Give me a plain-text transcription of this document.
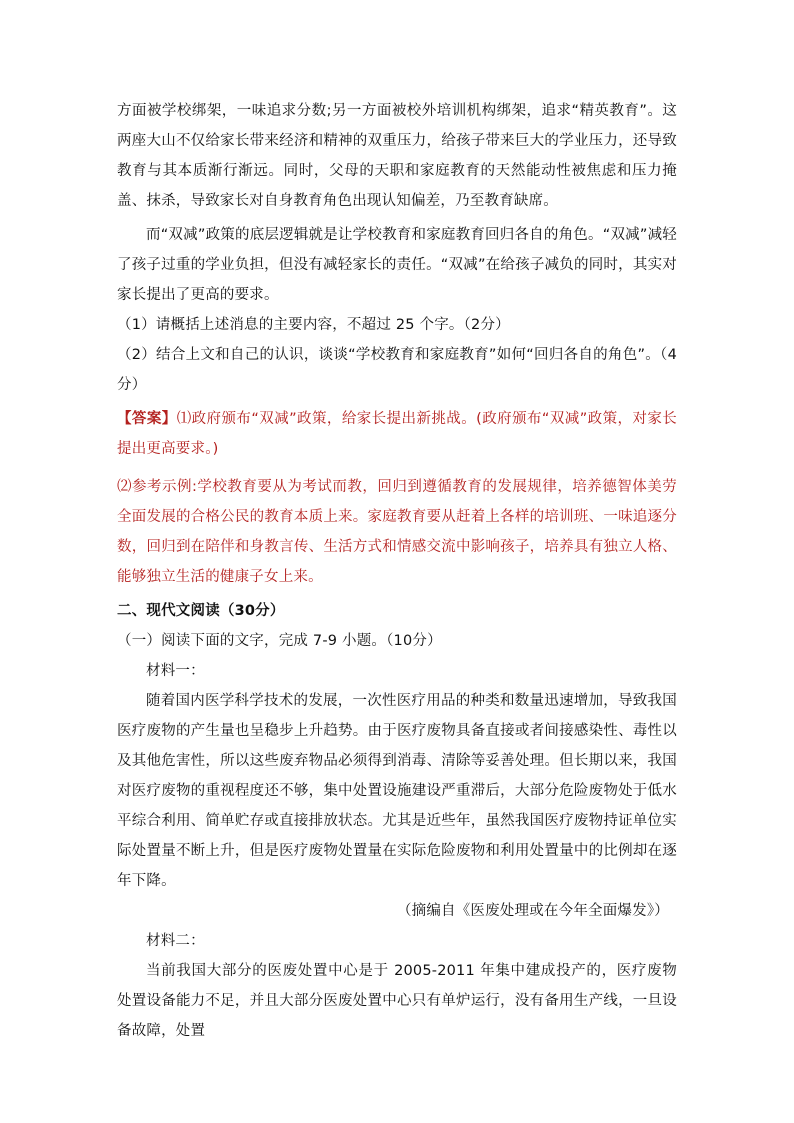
方面被学校绑架，一味追求分数;另一方面被校外培训机构绑架，追求“精英教育”。这两座大山不仅给家长带来经济和精神的双重压力，给孩子带来巨大的学业压力，还导致教育与其本质渐行渐远。同时，父母的天职和家庭教育的天然能动性被焦虑和压力掩盖、抹杀，导致家长对自身教育角色出现认知偏差，乃至教育缺席。

而“双减”政策的底层逻辑就是让学校教育和家庭教育回归各自的角色。“双减”减轻了孩子过重的学业负担，但没有减轻家长的责任。“双减”在给孩子减负的同时，其实对家长提出了更高的要求。

（1）请概括上述消息的主要内容，不超过 25 个字。（2分）

（2）结合上文和自己的认识，谈谈“学校教育和家庭教育”如何“回归各自的角色”。（4分）

【答案】⑴政府颁布“双减”政策，给家长提出新挑战。(政府颁布“双减”政策，对家长提出更高要求。)

⑵参考示例:学校教育要从为考试而教，回归到遵循教育的发展规律，培养德智体美劳全面发展的合格公民的教育本质上来。家庭教育要从赶着上各样的培训班、一味追逐分数，回归到在陪伴和身教言传、生活方式和情感交流中影响孩子，培养具有独立人格、能够独立生活的健康子女上来。

二、现代文阅读（30分）

（一）阅读下面的文字，完成 7-9 小题。（10分）

材料一：

随着国内医学科学技术的发展，一次性医疗用品的种类和数量迅速增加，导致我国医疗废物的产生量也呈稳步上升趋势。由于医疗废物具备直接或者间接感染性、毒性以及其他危害性，所以这些废弃物品必须得到消毒、清除等妥善处理。但长期以来，我国对医疗废物的重视程度还不够，集中处置设施建设严重滞后，大部分危险废物处于低水平综合利用、简单贮存或直接排放状态。尤其是近些年，虽然我国医疗废物持证单位实际处置量不断上升，但是医疗废物处置量在实际危险废物和利用处置量中的比例却在逐年下降。

（摘编自《医废处理或在今年全面爆发》）

材料二：

当前我国大部分的医废处置中心是于 2005-2011 年集中建成投产的，医疗废物处置设备能力不足，并且大部分医废处置中心只有单炉运行，没有备用生产线，一旦设备故障，处置
